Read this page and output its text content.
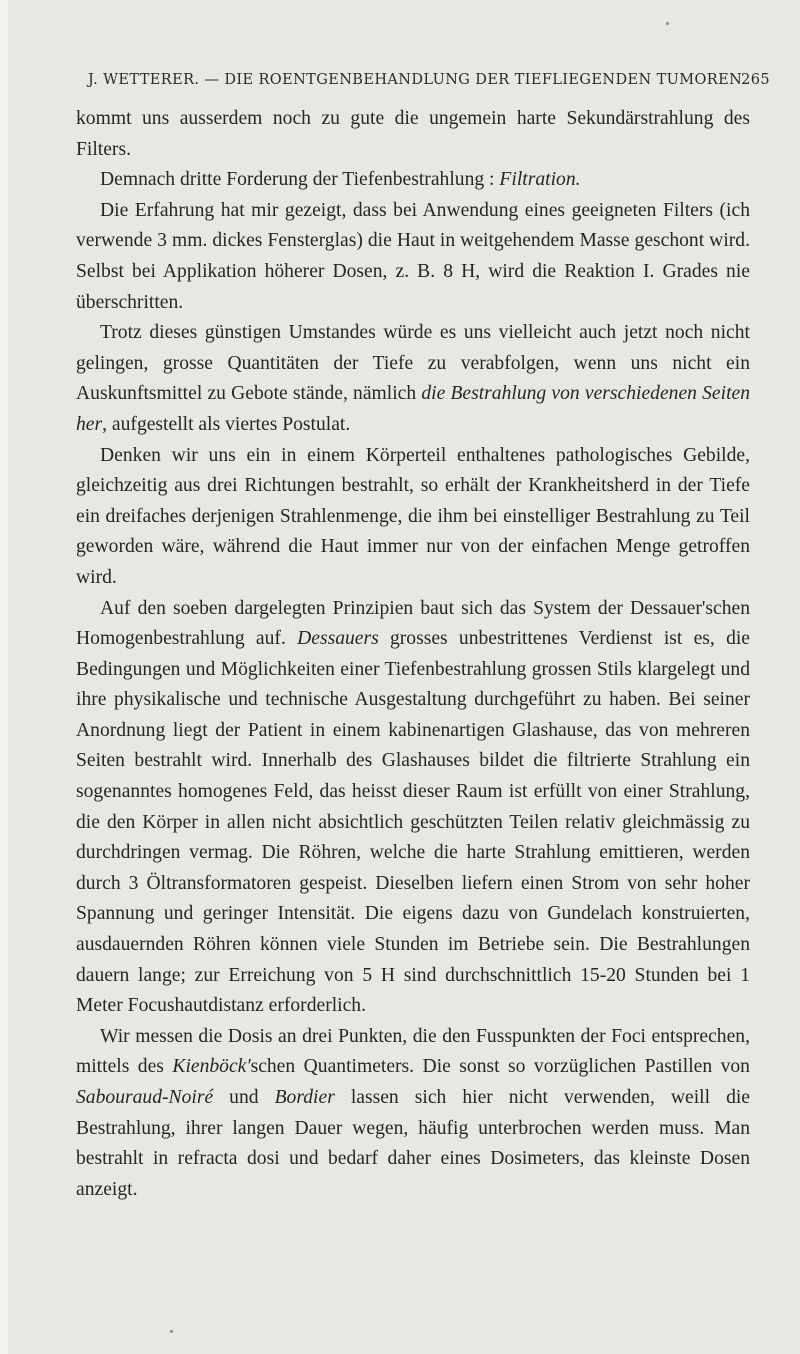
J. WETTERER. — DIE ROENTGENBEHANDLUNG DER TIEFLIEGENDEN TUMOREN.
265

kommt uns ausserdem noch zu gute die ungemein harte Sekundärstrahlung des Filters.

Demnach dritte Forderung der Tiefenbestrahlung : Filtration.

Die Erfahrung hat mir gezeigt, dass bei Anwendung eines geeigneten Filters (ich verwende 3 mm. dickes Fensterglas) die Haut in weitgehendem Masse geschont wird. Selbst bei Applikation höherer Dosen, z. B. 8 H, wird die Reaktion I. Grades nie überschritten.

Trotz dieses günstigen Umstandes würde es uns vielleicht auch jetzt noch nicht gelingen, grosse Quantitäten der Tiefe zu verabfolgen, wenn uns nicht ein Auskunftsmittel zu Gebote stände, nämlich die Bestrahlung von verschiedenen Seiten her, aufgestellt als viertes Postulat.

Denken wir uns ein in einem Körperteil enthaltenes pathologisches Gebilde, gleichzeitig aus drei Richtungen bestrahlt, so erhält der Krankheitsherd in der Tiefe ein dreifaches derjenigen Strahlenmenge, die ihm bei einstelliger Bestrahlung zu Teil geworden wäre, während die Haut immer nur von der einfachen Menge getroffen wird.

Auf den soeben dargelegten Prinzipien baut sich das System der Dessauer'schen Homogenbestrahlung auf. Dessauers grosses unbestrittenes Verdienst ist es, die Bedingungen und Möglichkeiten einer Tiefenbestrahlung grossen Stils klargelegt und ihre physikalische und technische Ausgestaltung durchgeführt zu haben. Bei seiner Anordnung liegt der Patient in einem kabinenartigen Glashause, das von mehreren Seiten bestrahlt wird. Innerhalb des Glashauses bildet die filtrierte Strahlung ein sogenanntes homogenes Feld, das heisst dieser Raum ist erfüllt von einer Strahlung, die den Körper in allen nicht absichtlich geschützten Teilen relativ gleichmässig zu durchdringen vermag. Die Röhren, welche die harte Strahlung emittieren, werden durch 3 Öltransformatoren gespeist. Dieselben liefern einen Strom von sehr hoher Spannung und geringer Intensität. Die eigens dazu von Gundelach konstruierten, ausdauernden Röhren können viele Stunden im Betriebe sein. Die Bestrahlungen dauern lange; zur Erreichung von 5 H sind durchschnittlich 15-20 Stunden bei 1 Meter Focushautdistanz erforderlich.

Wir messen die Dosis an drei Punkten, die den Fusspunkten der Foci entsprechen, mittels des Kienböck'schen Quantimeters. Die sonst so vorzüglichen Pastillen von Sabouraud-Noiré und Bordier lassen sich hier nicht verwenden, weill die Bestrahlung, ihrer langen Dauer wegen, häufig unterbrochen werden muss. Man bestrahlt in refracta dosi und bedarf daher eines Dosimeters, das kleinste Dosen anzeigt.
